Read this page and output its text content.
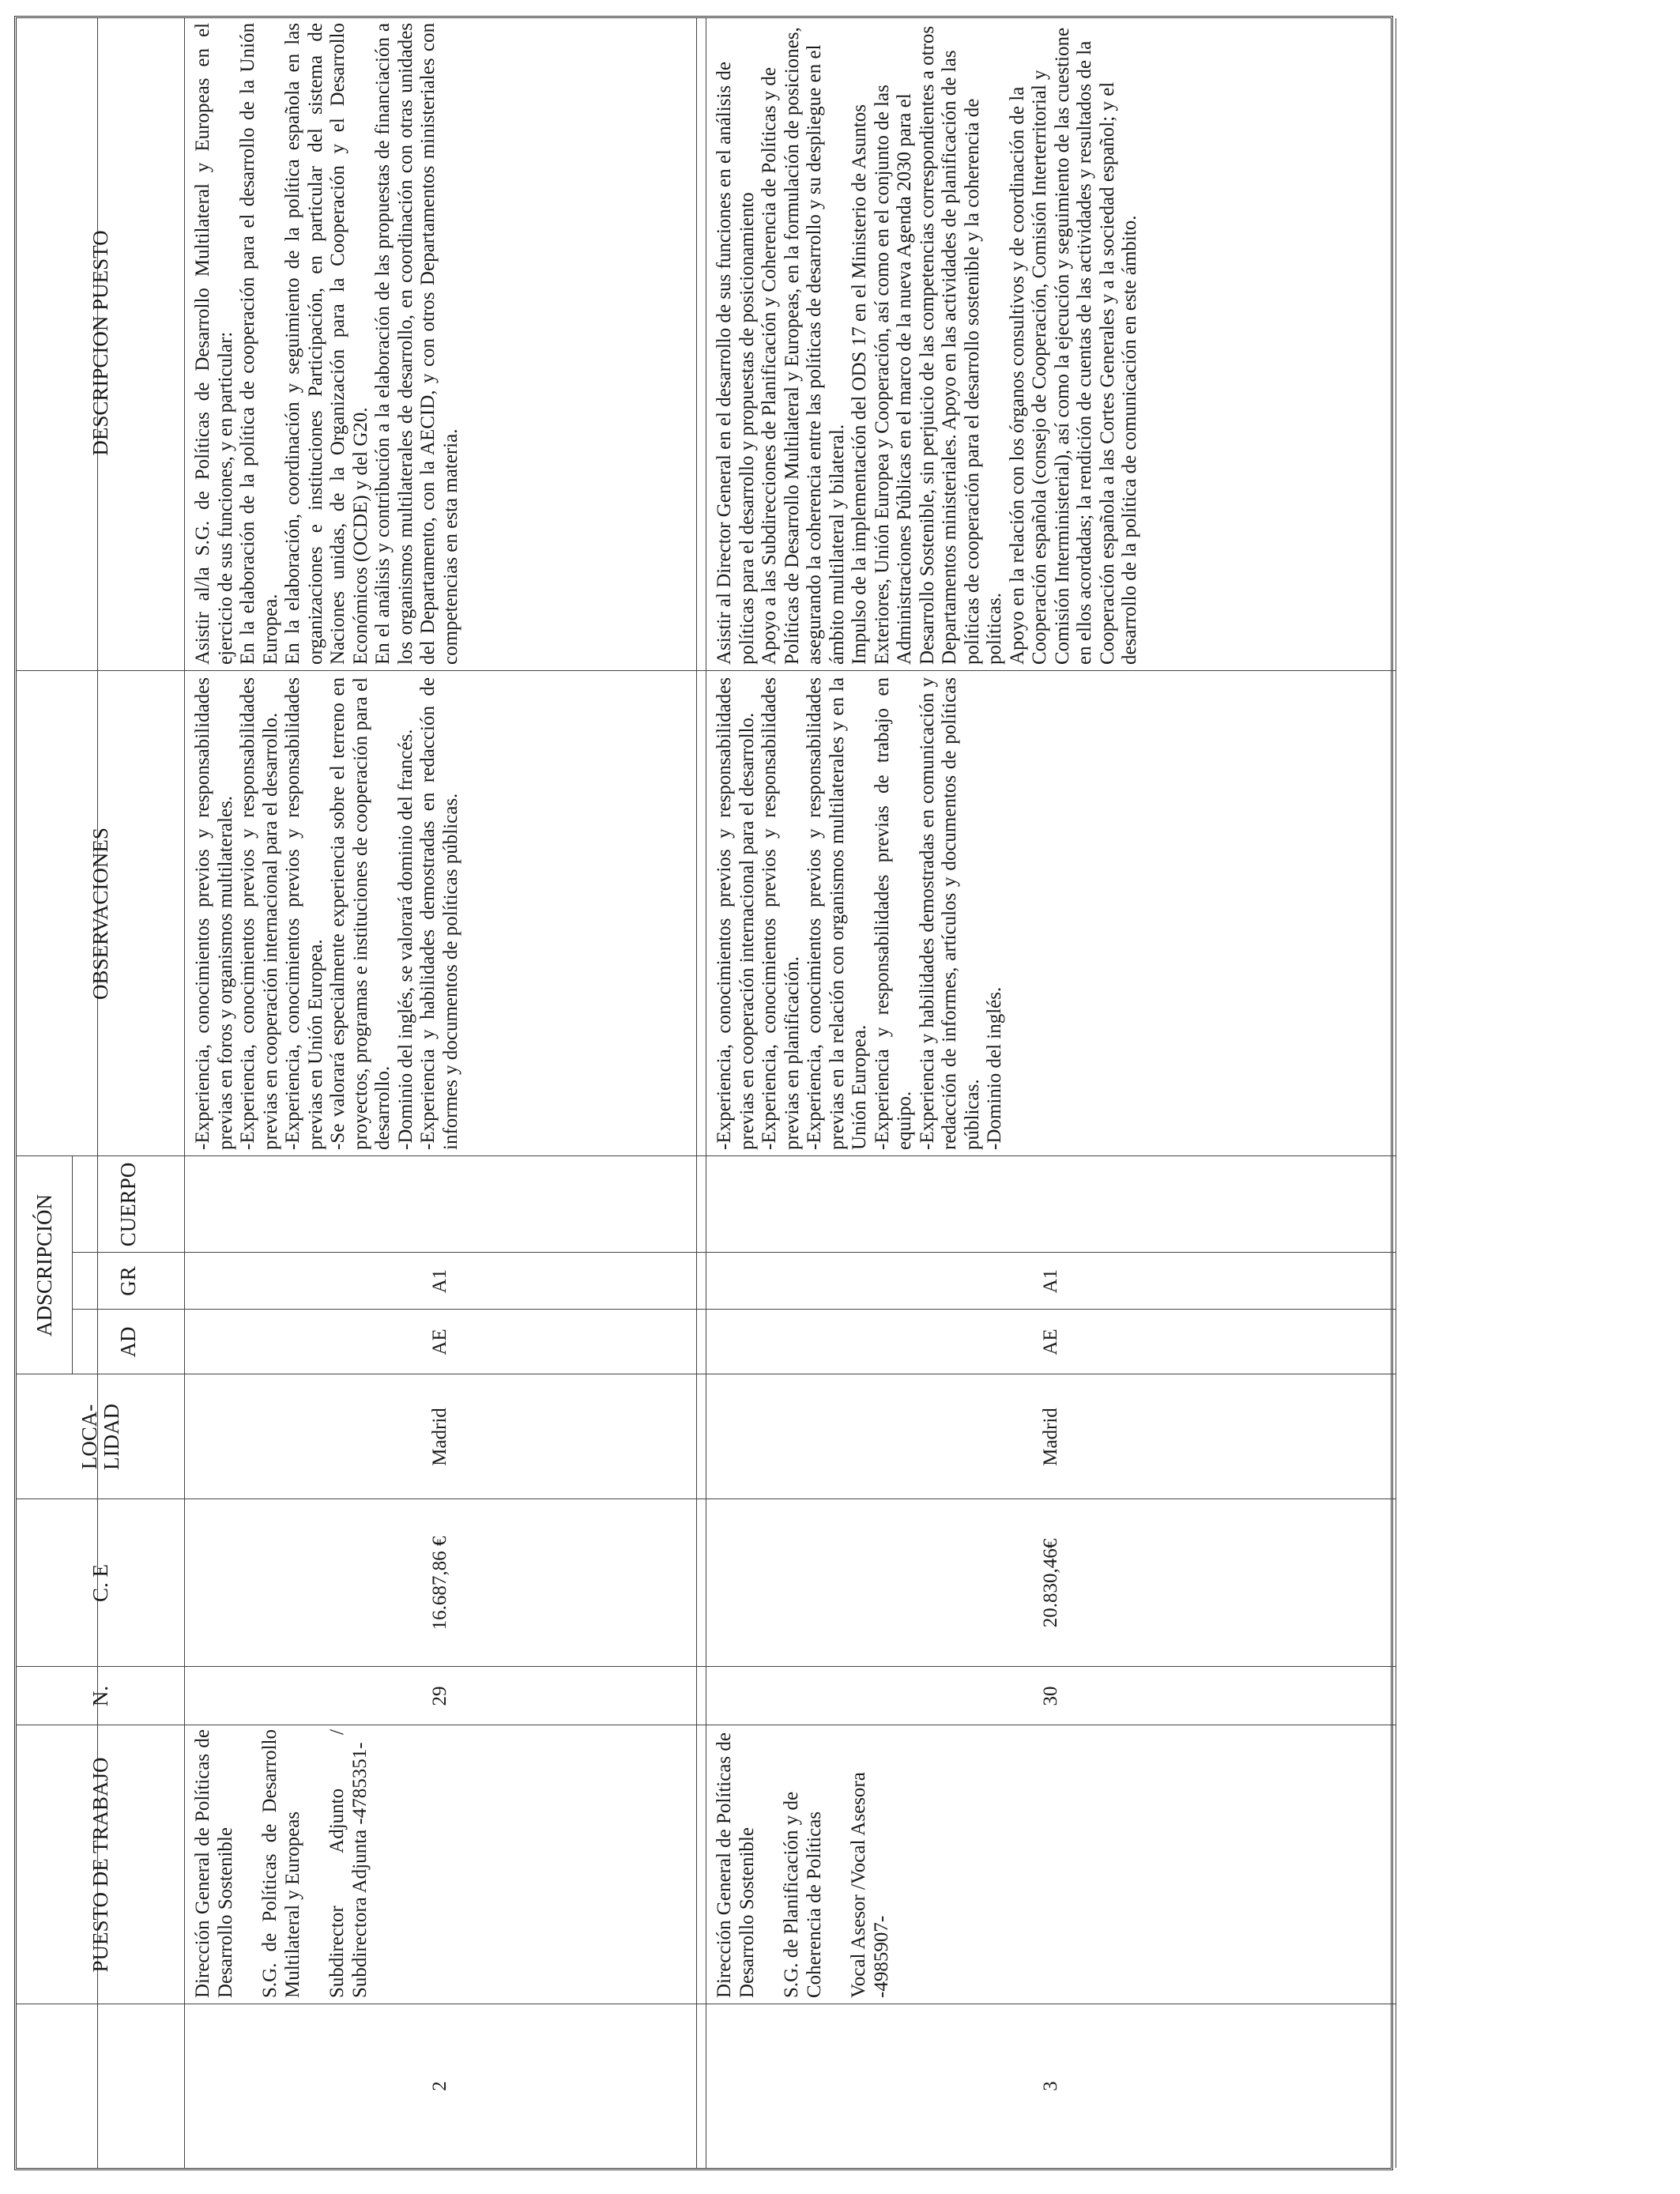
PUESTO DE TRABAJO
N.
C. E
LOCA-
LIDAD
ADSCRIPCIÓN
AD
GR
CUERPO
OBSERVACIONES
DESCRIPCION PUESTO
2

Dirección General de Políticas de Desarrollo Sostenible S.G. de Políticas de Desarrollo Multilateral y Europeas Subdirector Adjunto / Subdirectora Adjunta -4785351-

29
16.687,86 €
Madrid
AE
A1

-Experiencia, conocimientos previos y responsabilidades previas en foros y organismos multilaterales. -Experiencia, conocimientos previos y responsabilidades previas en cooperación internacional para el desarrollo. -Experiencia, conocimientos previos y responsabilidades previas en Unión Europea. -Se valorará especialmente experiencia sobre el terreno en proyectos, programas e instituciones de cooperación para el desarrollo. -Dominio del inglés, se valorará dominio del francés. -Experiencia y habilidades demostradas en redacción de informes y documentos de políticas públicas.

Asistir al/la S.G. de Políticas de Desarrollo Multilateral y Europeas en el ejercicio de sus funciones, y en particular: En la elaboración de la política de cooperación para el desarrollo de la Unión Europea. En la elaboración, coordinación y seguimiento de la política española en las organizaciones e instituciones Participación, en particular del sistema de Naciones unidas, de la Organización para la Cooperación y el Desarrollo Económicos (OCDE) y del G20. En el análisis y contribución a la elaboración de las propuestas de financiación a los organismos multilaterales de desarrollo, en coordinación con otras unidades del Departamento, con la AECID, y con otros Departamentos ministeriales con competencias en esta materia.

3

Dirección General de Políticas de Desarrollo Sostenible S.G. de Planificación y de Coherencia de Políticas Vocal Asesor /Vocal Asesora -4985907-

30
20.830,46€
Madrid
AE
A1

-Experiencia, conocimientos previos y responsabilidades previas en cooperación internacional para el desarrollo. -Experiencia, conocimientos previos y responsabilidades previas en planificación. -Experiencia, conocimientos previos y responsabilidades previas en la relación con organismos multilaterales y en la Unión Europea. -Experiencia y responsabilidades previas de trabajo en equipo. -Experiencia y habilidades demostradas en comunicación y redacción de informes, artículos y documentos de políticas públicas. -Dominio del inglés.

Asistir al Director General en el desarrollo de sus funciones en el análisis de políticas para el desarrollo y propuestas de posicionamiento Apoyo a las Subdirecciones de Planificación y Coherencia de Políticas y de Políticas de Desarrollo Multilateral y Europeas, en la formulación de posiciones, asegurando la coherencia entre las políticas de desarrollo y su despliegue en el ámbito multilateral y bilateral. Impulso de la implementación del ODS 17 en el Ministerio de Asuntos Exteriores, Unión Europea y Cooperación, así como en el conjunto de las Administraciones Públicas en el marco de la nueva Agenda 2030 para el Desarrollo Sostenible, sin perjuicio de las competencias correspondientes a otros Departamentos ministeriales. Apoyo en las actividades de planificación de las políticas de cooperación para el desarrollo sostenible y la coherencia de políticas. Apoyo en la relación con los órganos consultivos y de coordinación de la Cooperación española (consejo de Cooperación, Comisión Interterritorial y Comisión Interministerial), así como la ejecución y seguimiento de las cuestione en ellos acordadas; la rendición de cuentas de las actividades y resultados de la Cooperación española a las Cortes Generales y a la sociedad español; y el desarrollo de la política de comunicación en este ámbito.
